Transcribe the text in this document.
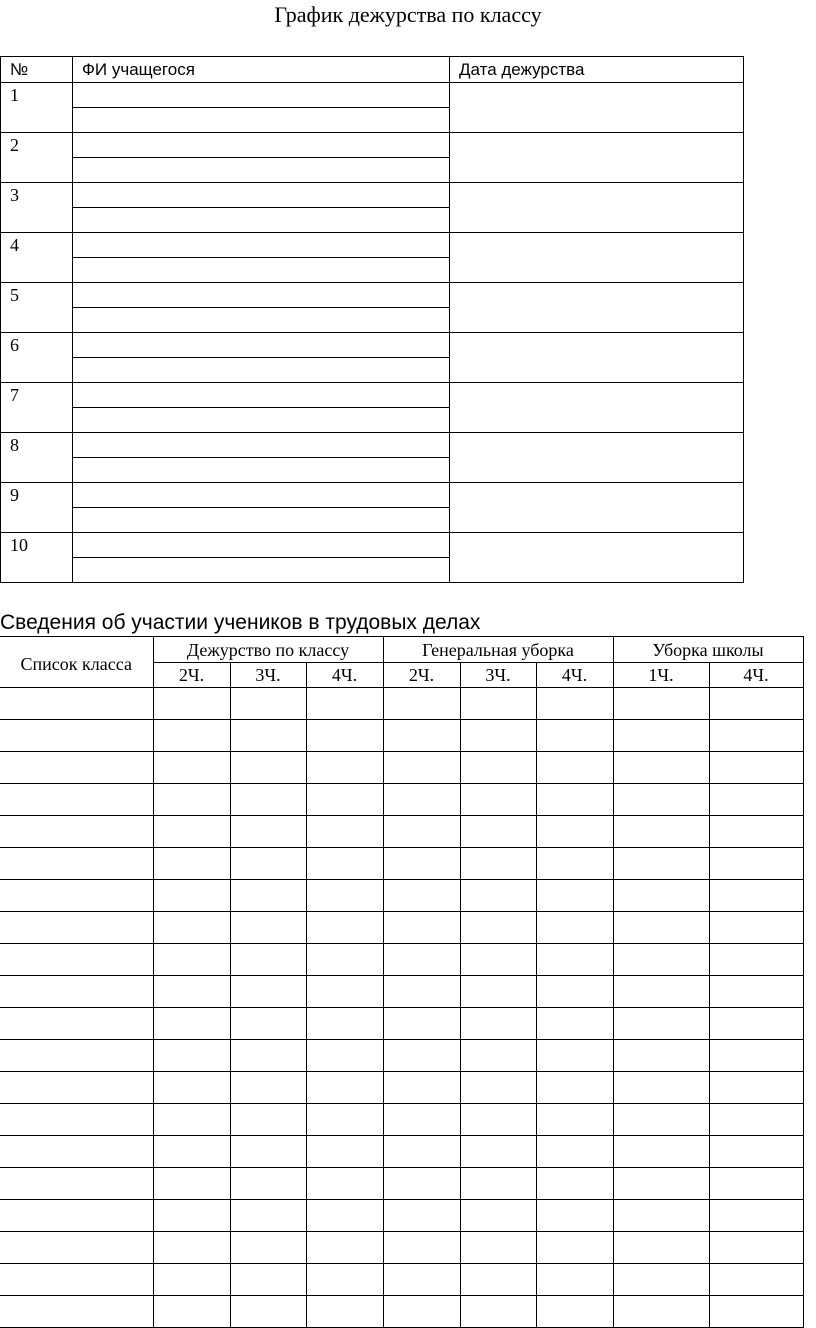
График дежурства по классу
№	ФИ учащегося	Дата дежурства
1		

2		

3		

4		

5		

6		

7		

8		

9		

10		

Сведения об участии учеников в трудовых делах
Список класса	Дежурство по классу			Генеральная уборка			Уборка школы	
	2Ч.	3Ч.	4Ч.	2Ч.	3Ч.	4Ч.	1Ч.	4Ч.
